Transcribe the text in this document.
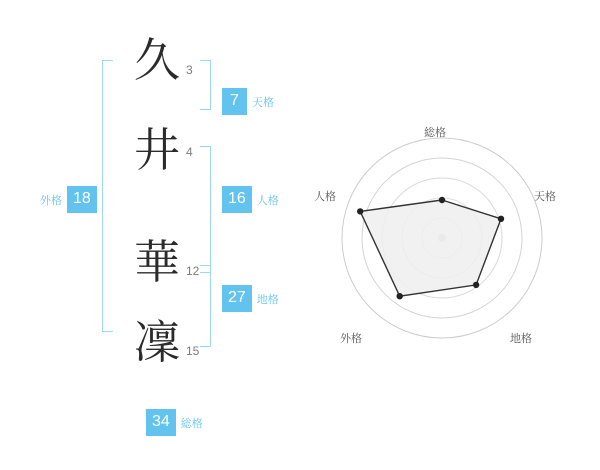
久 3
井 4
華 12
凜 15
7	天格
16	人格
27	地格
18
外格
34	総格
総格
天格
地格
外格
人格
